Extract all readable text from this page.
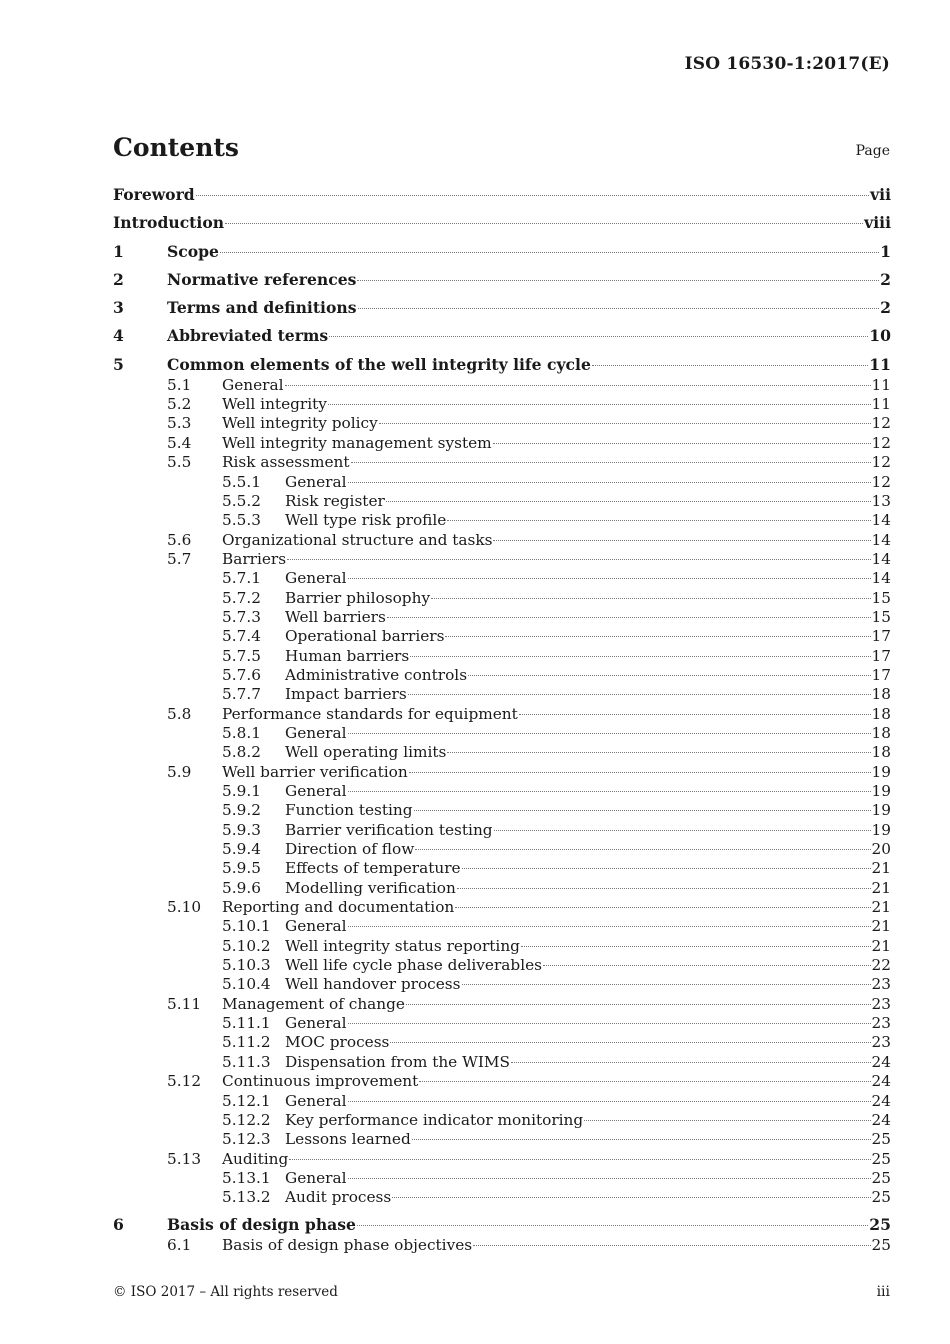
ISO 16530-1:2017(E)
Contents	Page
Foreword	vii
Introduction	viii
1	Scope	1
2	Normative references	2
3	Terms and definitions	2
4	Abbreviated terms	10
5	Common elements of the well integrity life cycle	11
5.1	General	11
5.2	Well integrity	11
5.3	Well integrity policy	12
5.4	Well integrity management system	12
5.5	Risk assessment	12
5.5.1	General	12
5.5.2	Risk register	13
5.5.3	Well type risk profile	14
5.6	Organizational structure and tasks	14
5.7	Barriers	14
5.7.1	General	14
5.7.2	Barrier philosophy	15
5.7.3	Well barriers	15
5.7.4	Operational barriers	17
5.7.5	Human barriers	17
5.7.6	Administrative controls	17
5.7.7	Impact barriers	18
5.8	Performance standards for equipment	18
5.8.1	General	18
5.8.2	Well operating limits	18
5.9	Well barrier verification	19
5.9.1	General	19
5.9.2	Function testing	19
5.9.3	Barrier verification testing	19
5.9.4	Direction of flow	20
5.9.5	Effects of temperature	21
5.9.6	Modelling verification	21
5.10	Reporting and documentation	21
5.10.1 General	21
5.10.2 Well integrity status reporting	21
5.10.3 Well life cycle phase deliverables	22
5.10.4 Well handover process	23
5.11	Management of change	23
5.11.1 General	23
5.11.2 MOC process	23
5.11.3 Dispensation from the WIMS	24
5.12	Continuous improvement	24
5.12.1 General	24
5.12.2 Key performance indicator monitoring	24
5.12.3 Lessons learned	25
5.13	Auditing	25
5.13.1 General	25
5.13.2 Audit process	25
6	Basis of design phase	25
6.1	Basis of design phase objectives	25
© ISO 2017 – All rights reserved	iii
